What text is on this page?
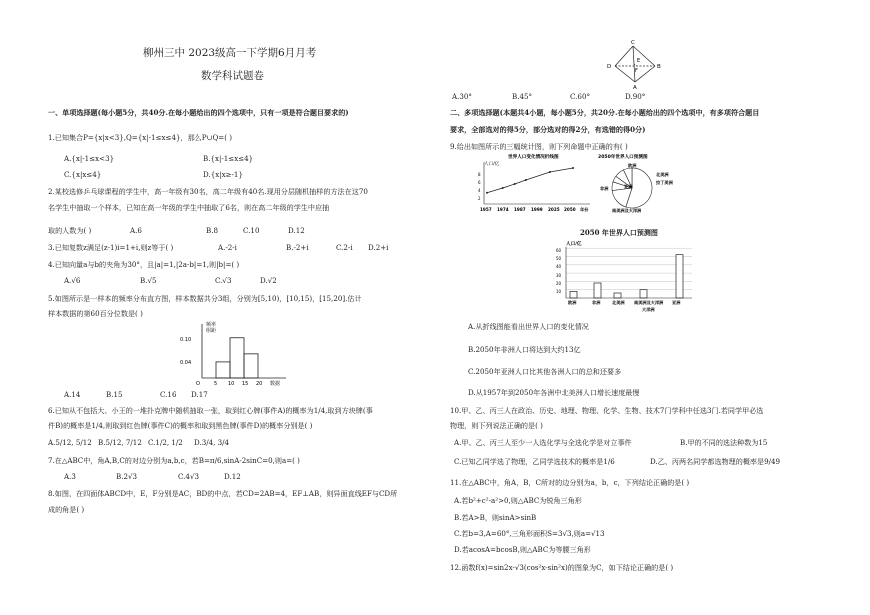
柳州三中 2023级高一下学期6月月考
数学科试题卷
一、单项选择题(每小题5分，共40分.在每小题给出的四个选项中，只有一项是符合题目要求的)
1.已知集合P={x|x<3},Q={x|-1≤x≤4}，那么P∪Q=( )
A.{x|-1≤x<3}	B.{x|-1≤x≤4}
C.{x|x≤4}	D.{x|x≥-1}
2.某校选修乒乓球课程的学生中，高一年级有30名，高二年级有40名.现用分层随机抽样的方法在这70
名学生中抽取一个样本，已知在高一年级的学生中抽取了6名，则在高二年级的学生中应抽
取的人数为( )	A.6	B.8	C.10	D.12
3.已知复数z满足(z-1)i=1+i,则z等于( )	A.-2-i	B.-2+i	C.2-i D.2+i
4.已知向量a与b的夹角为30°，且|a|=1,|2a-b|=1,则|b|=( )
A.√6	B.√5	C.√3	D.√2
5.如图所示是一样本的频率分布直方图，样本数据共分3组，分别为[5,10)，[10,15)，[15,20].估计
样本数据的第60百分位数是( )
频率
组距
0.10
0.04
O	5 10 15 20 数据
A.14	B.15	C.16 D.17
6.已知从不包括大、小王的一堆扑克牌中随机抽取一张，取到红心牌(事件A)的概率为1/4,取到方块牌(事
件B)的概率是1/4,则取到红色牌(事件C)的概率和取到黑色牌(事件D)的概率分别是( )
A.5/12, 5/12 B.5/12, 7/12 C.1/2, 1/2 D.3/4, 3/4
7.在△ABC中，角A,B,C的对边分别为a,b,c，若B=π/6,sinA-2sinC=0,则a=( )
A.3	B.2√3	C.4√3	D.12
8.如图，在四面体ABCD中，E，F分别是AC，BD的中点，若CD=2AB=4，EF⊥AB，则异面直线EF与CD所
成的角是( )
C
D
E
F
B
A
A.30°	B.45°	C.60°	D.90°
二、多项选择题(本题共4小题，每小题5分，共20分.在每小题给出的四个选项中，有多项符合题目
要求，全部选对的得5分，部分选对的得2分，有选错的得0分)
9.给出如图所示的三幅统计图，则下列命题中正确的有( )
世界人口变化情况折线图
人口/亿
8
6
4
2
1957 1974 1987 1999 2025 2050 年份
2050年世界人口预测图
欧洲
北美洲
拉丁美洲
亚洲
南美洲及大洋洲
非洲
2050 年世界人口预测图
人口/亿
60
50
40
30
20
10
欧洲	非洲	北美洲 南美洲及大洋洲 亚洲
大洋洲
A.从折线图能看出世界人口的变化情况
B.2050年非洲人口将达到大约13亿
C.2050年亚洲人口比其他各洲人口的总和还要多
D.从1957年到2050年各洲中北美洲人口增长速度最慢
10.甲、乙、丙三人在政治、历史、地理、物理、化学、生物、技术7门学科中任选3门.若同学甲必选
物理，则下列说法正确的是( )
A.甲、乙、丙三人至少一人选化学与全选化学是对立事件	B.甲的不同的选法种数为15
C.已知乙同学选了物理，乙同学选技术的概率是1/6	D.乙、丙两名同学都选物理的概率是9/49
11.在△ABC中，角A，B，C所对的边分别为a，b，c，下列结论正确的是( )
A.若b²+c²-a²>0,则△ABC为锐角三角形
B.若A>B，则sinA>sinB
C.若b=3,A=60°,三角形面积S=3√3,则a=√13
D.若acosA=bcosB,则△ABC为等腰三角形
12.函数f(x)=sin2x-√3(cos²x-sin²x)的图象为C，如下结论正确的是( )
